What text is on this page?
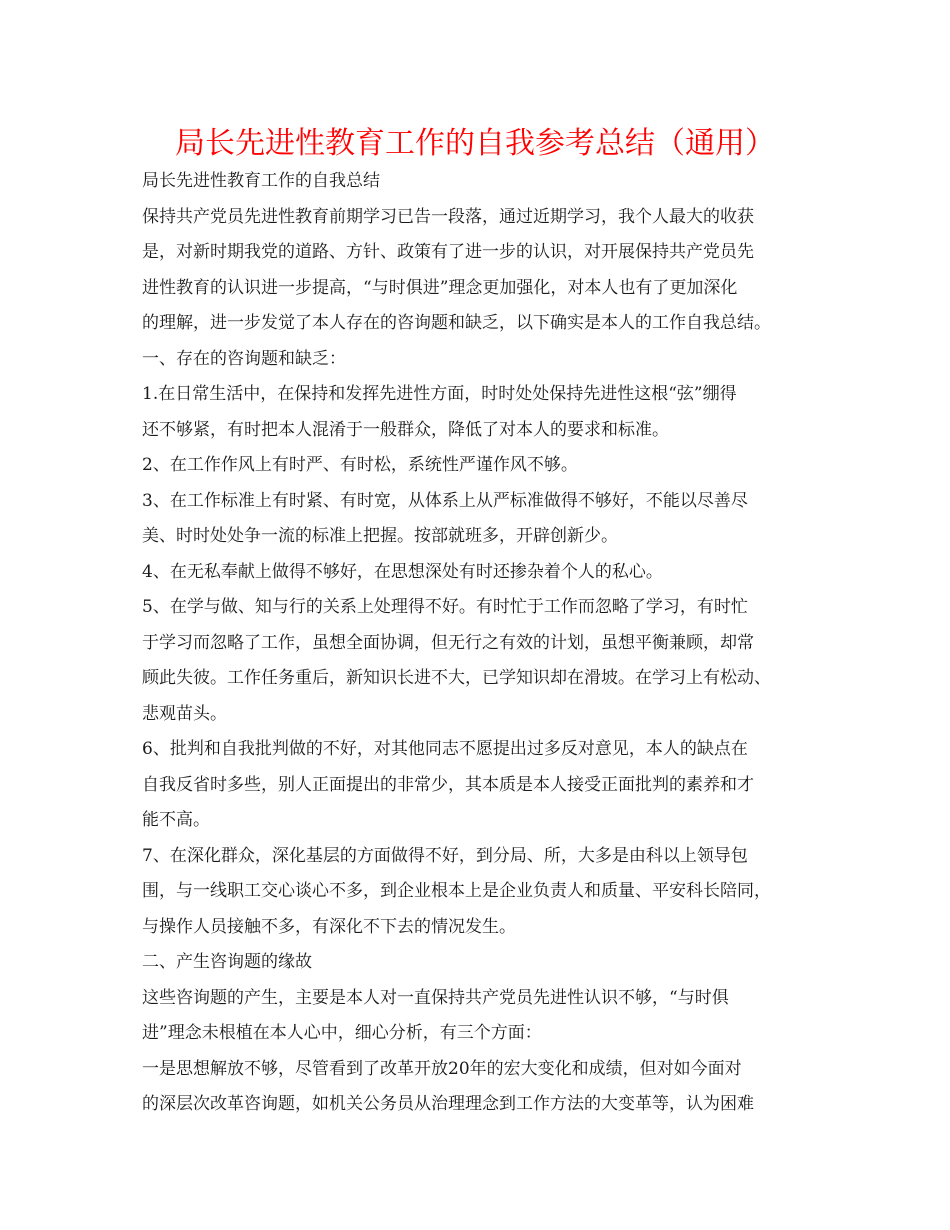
局长先进性教育工作的自我参考总结（通用）
局长先进性教育工作的自我总结
保持共产党员先进性教育前期学习已告一段落，通过近期学习，我个人最大的收获
是，对新时期我党的道路、方针、政策有了进一步的认识，对开展保持共产党员先
进性教育的认识进一步提高，“与时俱进”理念更加强化，对本人也有了更加深化
的理解，进一步发觉了本人存在的咨询题和缺乏，以下确实是本人的工作自我总结。
一、存在的咨询题和缺乏：
1.在日常生活中，在保持和发挥先进性方面，时时处处保持先进性这根“弦”绷得
还不够紧，有时把本人混淆于一般群众，降低了对本人的要求和标准。
2、在工作作风上有时严、有时松，系统性严谨作风不够。
3、在工作标准上有时紧、有时宽，从体系上从严标准做得不够好，不能以尽善尽
美、时时处处争一流的标准上把握。按部就班多，开辟创新少。
4、在无私奉献上做得不够好，在思想深处有时还掺杂着个人的私心。
5、在学与做、知与行的关系上处理得不好。有时忙于工作而忽略了学习，有时忙
于学习而忽略了工作，虽想全面协调，但无行之有效的计划，虽想平衡兼顾，却常
顾此失彼。工作任务重后，新知识长进不大，已学知识却在滑坡。在学习上有松动、
悲观苗头。
6、批判和自我批判做的不好，对其他同志不愿提出过多反对意见，本人的缺点在
自我反省时多些，别人正面提出的非常少，其本质是本人接受正面批判的素养和才
能不高。
7、在深化群众，深化基层的方面做得不好，到分局、所，大多是由科以上领导包
围，与一线职工交心谈心不多，到企业根本上是企业负责人和质量、平安科长陪同，
与操作人员接触不多，有深化不下去的情况发生。
二、产生咨询题的缘故
这些咨询题的产生，主要是本人对一直保持共产党员先进性认识不够，“与时俱
进”理念未根植在本人心中，细心分析，有三个方面：
一是思想解放不够，尽管看到了改革开放20年的宏大变化和成绩，但对如今面对
的深层次改革咨询题，如机关公务员从治理理念到工作方法的大变革等，认为困难
